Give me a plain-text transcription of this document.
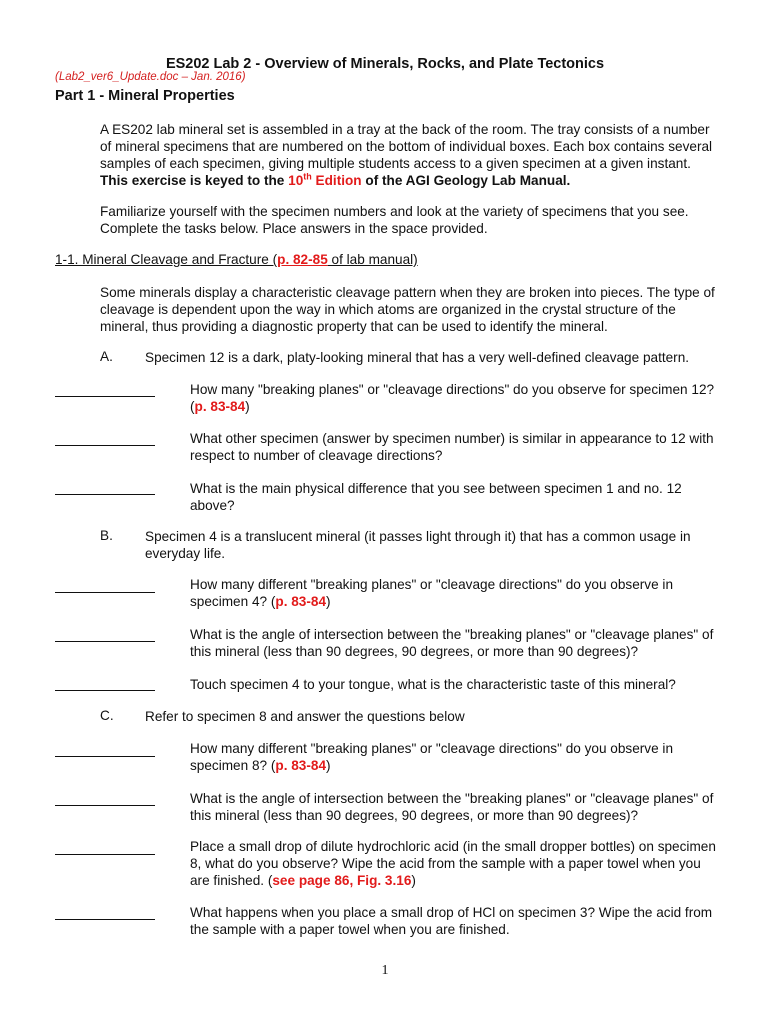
ES202 Lab 2 - Overview of Minerals, Rocks, and Plate Tectonics
(Lab2_ver6_Update.doc – Jan. 2016)
Part 1 - Mineral Properties
A ES202 lab mineral set is assembled in a tray at the back of the room. The tray consists of a number of mineral specimens that are numbered on the bottom of individual boxes. Each box contains several samples of each specimen, giving multiple students access to a given specimen at a given instant. This exercise is keyed to the 10th Edition of the AGI Geology Lab Manual.
Familiarize yourself with the specimen numbers and look at the variety of specimens that you see. Complete the tasks below. Place answers in the space provided.
1-1. Mineral Cleavage and Fracture (p. 82-85 of lab manual)
Some minerals display a characteristic cleavage pattern when they are broken into pieces. The type of cleavage is dependent upon the way in which atoms are organized in the crystal structure of the mineral, thus providing a diagnostic property that can be used to identify the mineral.
A. Specimen 12 is a dark, platy-looking mineral that has a very well-defined cleavage pattern.
How many "breaking planes" or "cleavage directions" do you observe for specimen 12? (p. 83-84)
What other specimen (answer by specimen number) is similar in appearance to 12 with respect to number of cleavage directions?
What is the main physical difference that you see between specimen 1 and no. 12 above?
B. Specimen 4 is a translucent mineral (it passes light through it) that has a common usage in everyday life.
How many different "breaking planes" or "cleavage directions" do you observe in specimen 4? (p. 83-84)
What is the angle of intersection between the "breaking planes" or "cleavage planes" of this mineral (less than 90 degrees, 90 degrees, or more than 90 degrees)?
Touch specimen 4 to your tongue, what is the characteristic taste of this mineral?
C. Refer to specimen 8 and answer the questions below
How many different "breaking planes" or "cleavage directions" do you observe in specimen 8? (p. 83-84)
What is the angle of intersection between the "breaking planes" or "cleavage planes" of this mineral (less than 90 degrees, 90 degrees, or more than 90 degrees)?
Place a small drop of dilute hydrochloric acid (in the small dropper bottles) on specimen 8, what do you observe? Wipe the acid from the sample with a paper towel when you are finished. (see page 86, Fig. 3.16)
What happens when you place a small drop of HCl on specimen 3? Wipe the acid from the sample with a paper towel when you are finished.
1
